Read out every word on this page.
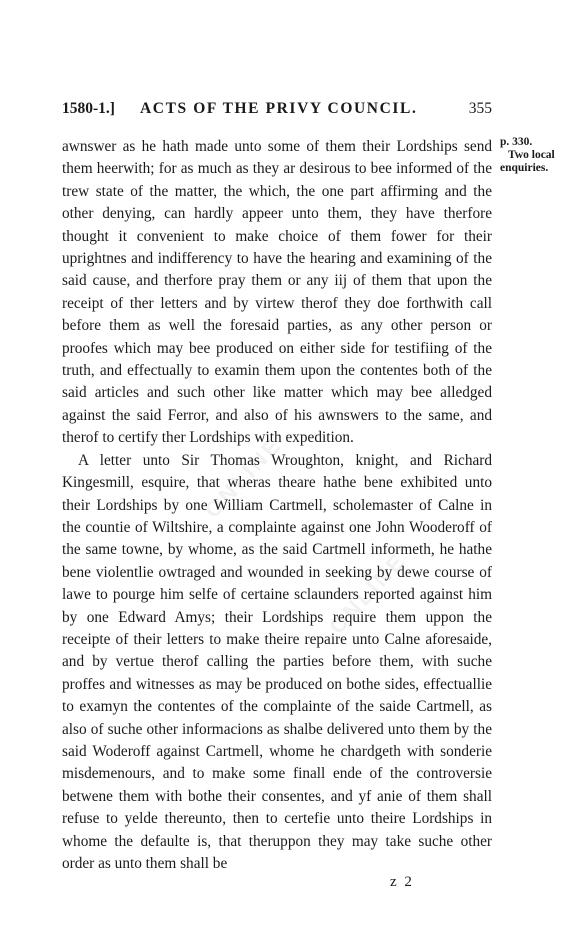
ONLINE
ONLINE
1580-1.] ACTS OF THE PRIVY COUNCIL.	355
p. 330.
Two local enquiries.

awnswer as he hath made unto some of them their Lordships send them heerwith; for as much as they ar desirous to bee informed of the trew state of the matter, the which, the one part affirming and the other denying, can hardly appeer unto them, they have therfore thought it convenient to make choice of them fower for their uprightnes and indifferency to have the hearing and examining of the said cause, and therfore pray them or any iij of them that upon the receipt of ther letters and by virtew therof they doe forthwith call before them as well the foresaid parties, as any other person or proofes which may bee produced on either side for testifiing of the truth, and effectually to examin them upon the contentes both of the said articles and such other like matter which may bee alledged against the said Ferror, and also of his awnswers to the same, and therof to certify ther Lordships with expedition.

A letter unto Sir Thomas Wroughton, knight, and Richard Kingesmill, esquire, that wheras theare hathe bene exhibited unto their Lordships by one William Cartmell, scholemaster of Calne in the countie of Wiltshire, a complainte against one John Wooderoff of the same towne, by whome, as the said Cartmell informeth, he hathe bene violentlie owtraged and wounded in seeking by dewe course of lawe to pourge him selfe of certaine sclaunders reported against him by one Edward Amys; their Lordships require them uppon the receipte of their letters to make theire repaire unto Calne aforesaide, and by vertue therof calling the parties before them, with suche proffes and witnesses as may be produced on bothe sides, effectuallie to examyn the contentes of the complainte of the saide Cartmell, as also of suche other informacions as shalbe delivered unto them by the said Woderoff against Cartmell, whome he chardgeth with sonderie misdemenours, and to make some finall ende of the controversie betwene them with bothe their consentes, and yf anie of them shall refuse to yelde thereunto, then to certefie unto theire Lordships in whome the defaulte is, that theruppon they may take suche other order as unto them shall be

z 2
